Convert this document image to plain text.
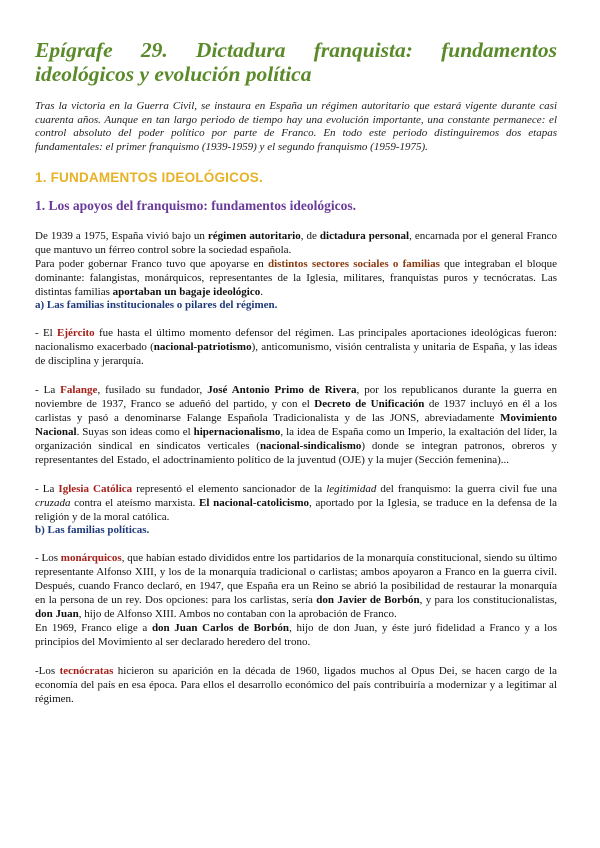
Epígrafe 29. Dictadura franquista: fundamentos
ideológicos y evolución política

Tras la victoria en la Guerra Civil, se instaura en España un régimen autoritario que estará vigente durante casi cuarenta años. Aunque en tan largo periodo de tiempo hay una evolución importante, una constante permanece: el control absoluto del poder político por parte de Franco. En todo este periodo distinguiremos dos etapas fundamentales: el primer franquismo (1939-1959) y el segundo franquismo (1959-1975).

1. FUNDAMENTOS IDEOLÓGICOS.
1. Los apoyos del franquismo: fundamentos ideológicos.

De 1939 a 1975, España vivió bajo un régimen autoritario, de dictadura personal, encarnada por el general Franco que mantuvo un férreo control sobre la sociedad española.

Para poder gobernar Franco tuvo que apoyarse en distintos sectores sociales o familias que integraban el bloque dominante: falangistas, monárquicos, representantes de la Iglesia, militares, franquistas puros y tecnócratas. Las distintas familias aportaban un bagaje ideológico.

a) Las familias institucionales o pilares del régimen.

- El Ejército fue hasta el último momento defensor del régimen. Las principales aportaciones ideológicas fueron: nacionalismo exacerbado (nacional-patriotismo), anticomunismo, visión centralista y unitaria de España, y las ideas de disciplina y jerarquía.

- La Falange, fusilado su fundador, José Antonio Primo de Rivera, por los republicanos durante la guerra en noviembre de 1937, Franco se adueñó del partido, y con el Decreto de Unificación de 1937 incluyó en él a los carlistas y pasó a denominarse Falange Española Tradicionalista y de las JONS, abreviadamente Movimiento Nacional. Suyas son ideas como el hipernacionalismo, la idea de España como un Imperio, la exaltación del líder, la organización sindical en sindicatos verticales (nacional-sindicalismo) donde se integran patronos, obreros y representantes del Estado, el adoctrinamiento político de la juventud (OJE) y la mujer (Sección femenina)...

- La Iglesia Católica representó el elemento sancionador de la legitimidad del franquismo: la guerra civil fue una cruzada contra el ateísmo marxista. El nacional-catolicismo, aportado por la Iglesia, se traduce en la defensa de la religión y de la moral católica.

b) Las familias políticas.

- Los monárquicos, que habían estado divididos entre los partidarios de la monarquía constitucional, siendo su último representante Alfonso XIII, y los de la monarquía tradicional o carlistas; ambos apoyaron a Franco en la guerra civil. Después, cuando Franco declaró, en 1947, que España era un Reino se abrió la posibilidad de restaurar la monarquía en la persona de un rey. Dos opciones: para los carlistas, sería don Javier de Borbón, y para los constitucionalistas, don Juan, hijo de Alfonso XIII. Ambos no contaban con la aprobación de Franco.

En 1969, Franco elige a don Juan Carlos de Borbón, hijo de don Juan, y éste juró fidelidad a Franco y a los principios del Movimiento al ser declarado heredero del trono.

-Los tecnócratas hicieron su aparición en la década de 1960, ligados muchos al Opus Dei, se hacen cargo de la economía del país en esa época. Para ellos el desarrollo económico del país contribuiría a modernizar y a legitimar al régimen.
